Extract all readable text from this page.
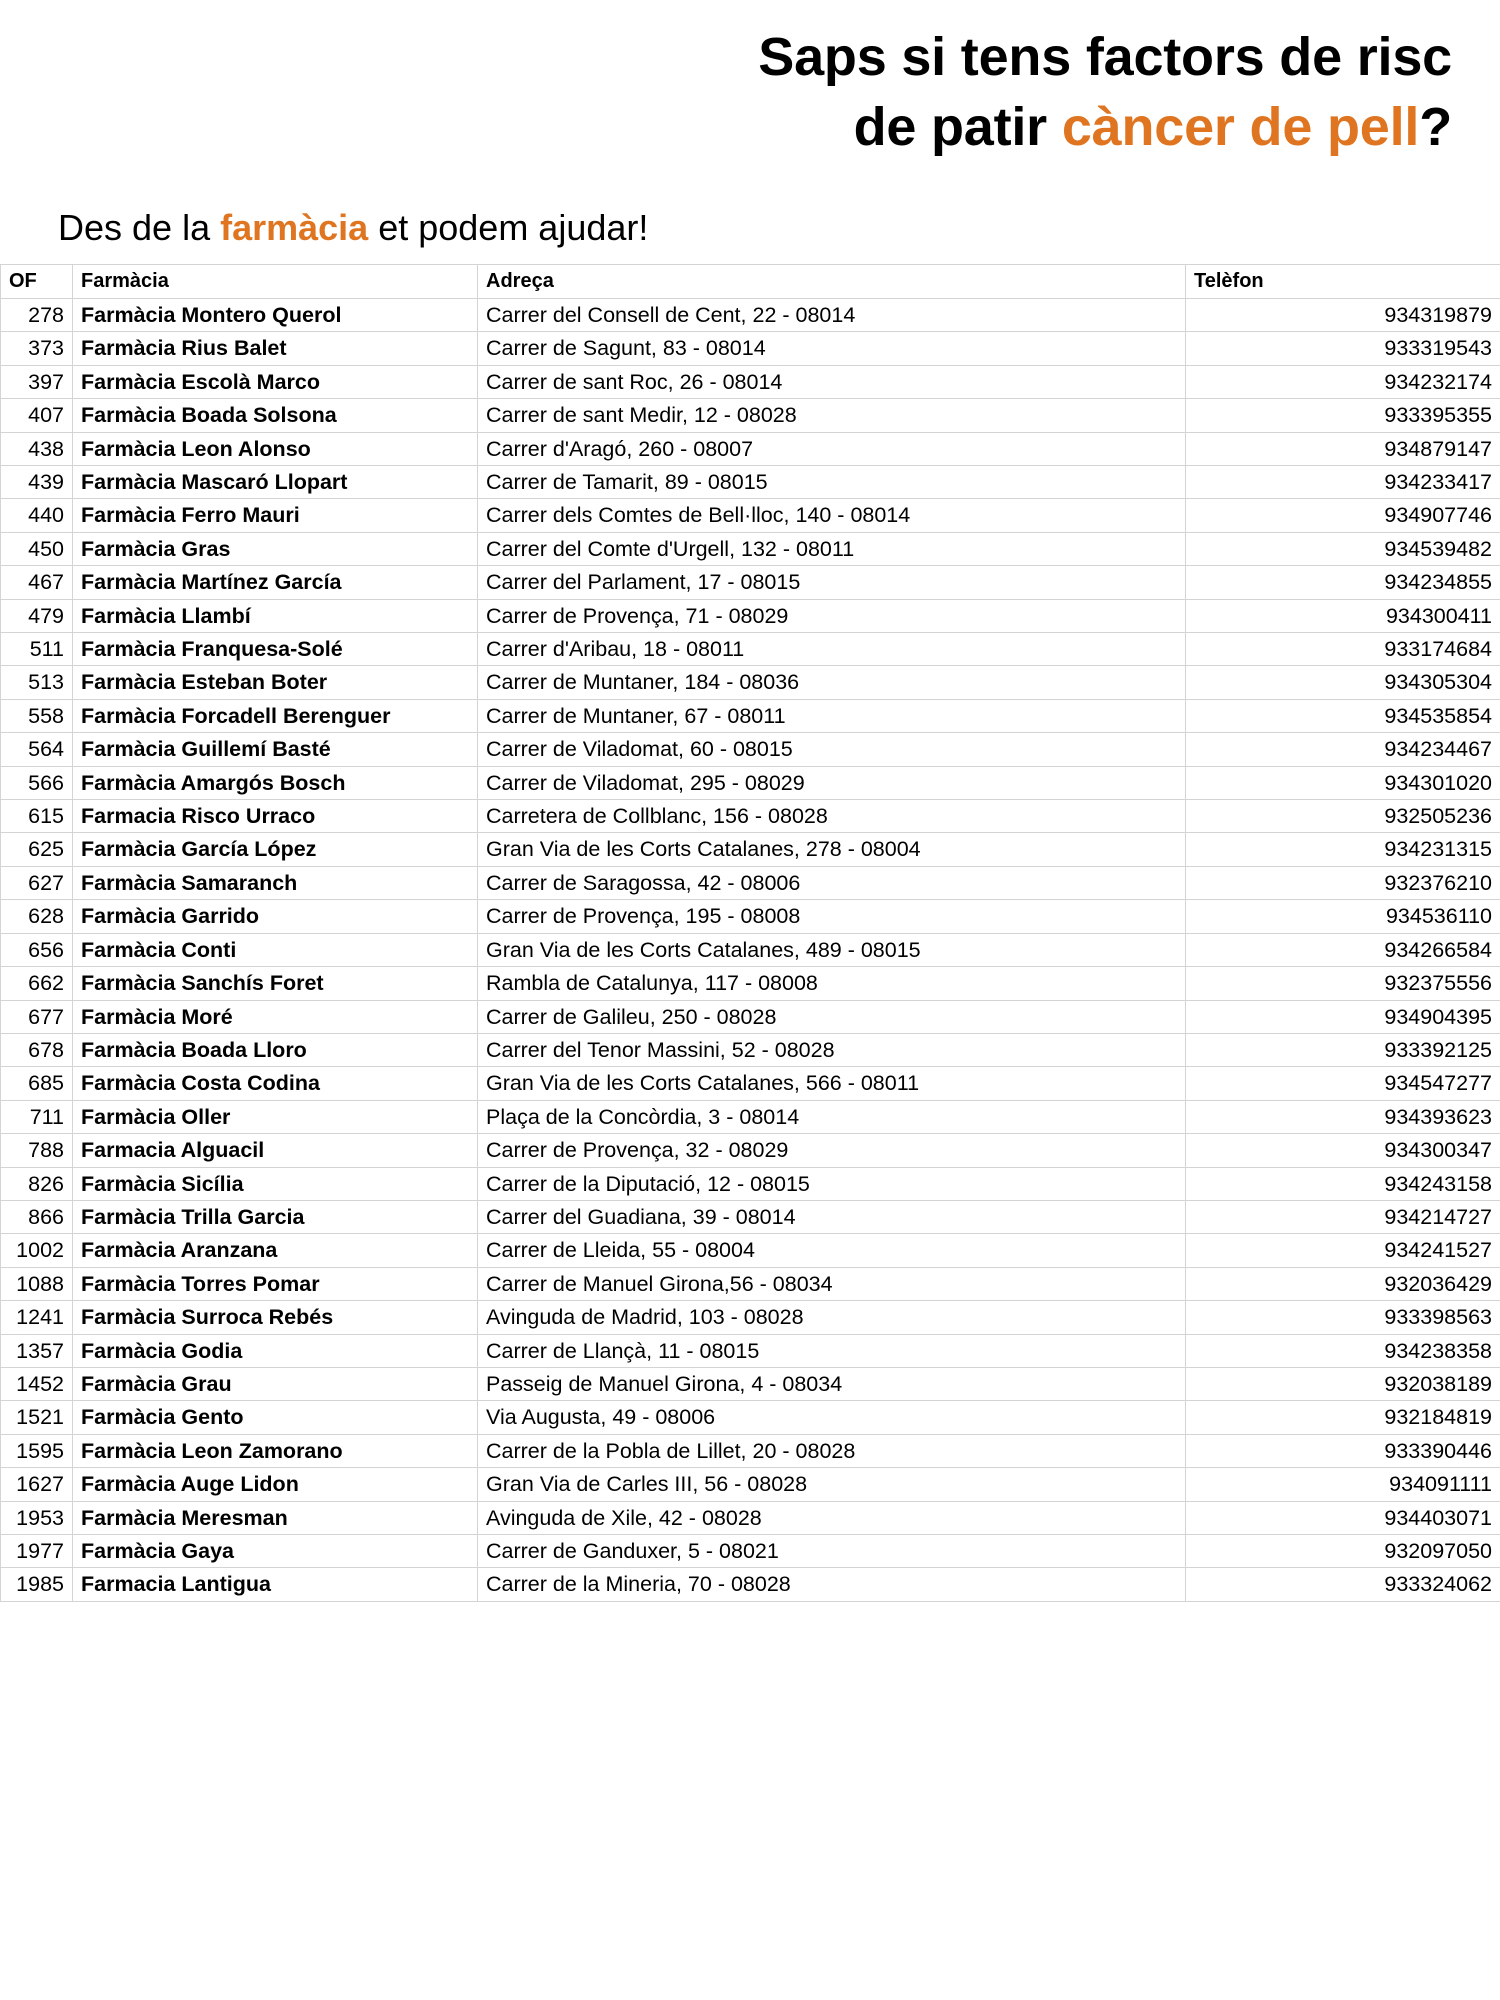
Saps si tens factors de risc
de patir càncer de pell?
Des de la farmàcia et podem ajudar!
OF	Farmàcia	Adreça	Telèfon
278	Farmàcia Montero Querol	Carrer del Consell de Cent, 22 - 08014	934319879
373	Farmàcia Rius Balet	Carrer de Sagunt, 83 - 08014	933319543
397	Farmàcia Escolà Marco	Carrer de sant Roc, 26 - 08014	934232174
407	Farmàcia Boada Solsona	Carrer de sant Medir, 12 - 08028	933395355
438	Farmàcia Leon Alonso	Carrer d'Aragó, 260 - 08007	934879147
439	Farmàcia Mascaró Llopart	Carrer de Tamarit, 89 - 08015	934233417
440	Farmàcia Ferro Mauri	Carrer dels Comtes de Bell·lloc, 140 - 08014	934907746
450	Farmàcia Gras	Carrer del Comte d'Urgell, 132 - 08011	934539482
467	Farmàcia Martínez García	Carrer del Parlament, 17 - 08015	934234855
479	Farmàcia Llambí	Carrer de Provença, 71 - 08029	934300411
511	Farmàcia Franquesa-Solé	Carrer d'Aribau, 18 - 08011	933174684
513	Farmàcia Esteban Boter	Carrer de Muntaner, 184 - 08036	934305304
558	Farmàcia Forcadell Berenguer	Carrer de Muntaner, 67 - 08011	934535854
564	Farmàcia Guillemí Basté	Carrer de Viladomat, 60 - 08015	934234467
566	Farmàcia Amargós Bosch	Carrer de Viladomat, 295 - 08029	934301020
615	Farmacia Risco Urraco	Carretera de Collblanc, 156 - 08028	932505236
625	Farmàcia García López	Gran Via de les Corts Catalanes, 278 - 08004	934231315
627	Farmàcia Samaranch	Carrer de Saragossa, 42 - 08006	932376210
628	Farmàcia Garrido	Carrer de Provença, 195 - 08008	934536110
656	Farmàcia Conti	Gran Via de les Corts Catalanes, 489 - 08015	934266584
662	Farmàcia Sanchís Foret	Rambla de Catalunya, 117 - 08008	932375556
677	Farmàcia Moré	Carrer de Galileu, 250 - 08028	934904395
678	Farmàcia Boada Lloro	Carrer del Tenor Massini, 52 - 08028	933392125
685	Farmàcia Costa Codina	Gran Via de les Corts Catalanes, 566 - 08011	934547277
711	Farmàcia Oller	Plaça de la Concòrdia, 3 - 08014	934393623
788	Farmacia Alguacil	Carrer de Provença, 32 - 08029	934300347
826	Farmàcia Sicília	Carrer de la Diputació, 12 - 08015	934243158
866	Farmàcia Trilla Garcia	Carrer del Guadiana, 39 - 08014	934214727
1002	Farmàcia Aranzana	Carrer de Lleida, 55 - 08004	934241527
1088	Farmàcia Torres Pomar	Carrer de Manuel Girona,56 - 08034	932036429
1241	Farmàcia Surroca Rebés	Avinguda de Madrid, 103 - 08028	933398563
1357	Farmàcia Godia	Carrer de Llançà, 11 - 08015	934238358
1452	Farmàcia Grau	Passeig de Manuel Girona, 4 - 08034	932038189
1521	Farmàcia Gento	Via Augusta, 49 - 08006	932184819
1595	Farmàcia Leon Zamorano	Carrer de la Pobla de Lillet, 20 - 08028	933390446
1627	Farmàcia Auge Lidon	Gran Via de Carles III, 56 - 08028	934091111
1953	Farmàcia Meresman	Avinguda de Xile, 42 - 08028	934403071
1977	Farmàcia Gaya	Carrer de Ganduxer, 5 - 08021	932097050
1985	Farmacia Lantigua	Carrer de la Mineria, 70 - 08028	933324062
